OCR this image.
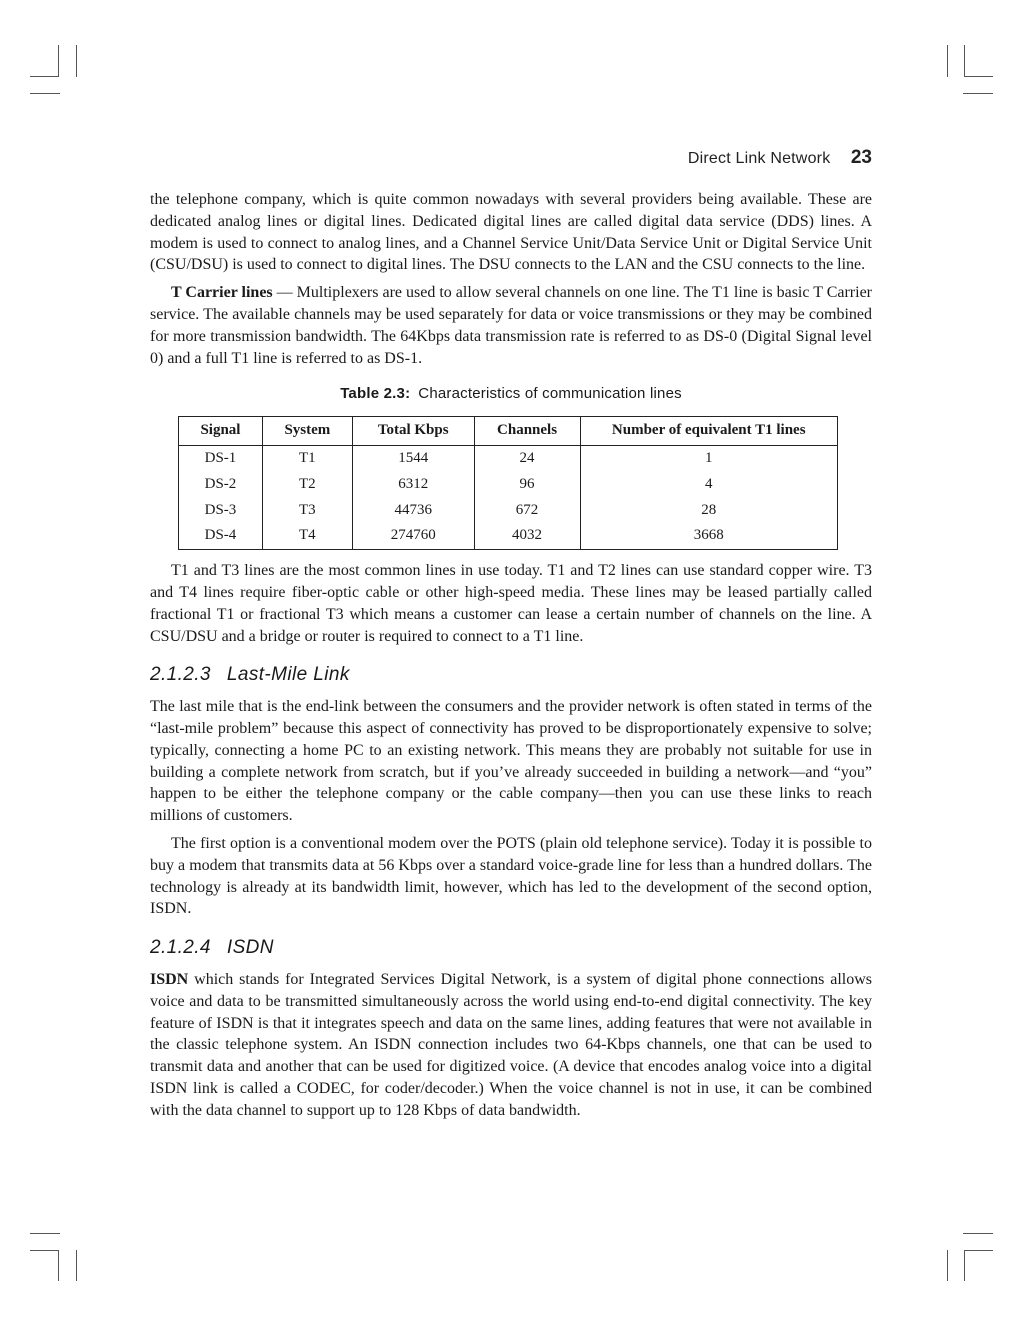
Direct Link Network 23

the telephone company, which is quite common nowadays with several providers being available. These are dedicated analog lines or digital lines. Dedicated digital lines are called digital data service (DDS) lines. A modem is used to connect to analog lines, and a Channel Service Unit/Data Service Unit or Digital Service Unit (CSU/DSU) is used to connect to digital lines. The DSU connects to the LAN and the CSU connects to the line.

T Carrier lines — Multiplexers are used to allow several channels on one line. The T1 line is basic T Carrier service. The available channels may be used separately for data or voice transmissions or they may be combined for more transmission bandwidth. The 64Kbps data transmission rate is referred to as DS-0 (Digital Signal level 0) and a full T1 line is referred to as DS-1.

Table 2.3: Characteristics of communication lines
Signal	System	Total Kbps	Channels	Number of equivalent T1 lines
DS-1	T1	1544	24	1
DS-2	T2	6312	96	4
DS-3	T3	44736	672	28
DS-4	T4	274760	4032	3668

T1 and T3 lines are the most common lines in use today. T1 and T2 lines can use standard copper wire. T3 and T4 lines require fiber-optic cable or other high-speed media. These lines may be leased partially called fractional T1 or fractional T3 which means a customer can lease a certain number of channels on the line. A CSU/DSU and a bridge or router is required to connect to a T1 line.

2.1.2.3 Last-Mile Link

The last mile that is the end-link between the consumers and the provider network is often stated in terms of the “last-mile problem” because this aspect of connectivity has proved to be disproportionately expensive to solve; typically, connecting a home PC to an existing network. This means they are probably not suitable for use in building a complete network from scratch, but if you’ve already succeeded in building a network—and “you” happen to be either the telephone company or the cable company—then you can use these links to reach millions of customers.

The first option is a conventional modem over the POTS (plain old telephone service). Today it is possible to buy a modem that transmits data at 56 Kbps over a standard voice-grade line for less than a hundred dollars. The technology is already at its bandwidth limit, however, which has led to the development of the second option, ISDN.

2.1.2.4 ISDN

ISDN which stands for Integrated Services Digital Network, is a system of digital phone connections allows voice and data to be transmitted simultaneously across the world using end-to-end digital connectivity. The key feature of ISDN is that it integrates speech and data on the same lines, adding features that were not available in the classic telephone system. An ISDN connection includes two 64-Kbps channels, one that can be used to transmit data and another that can be used for digitized voice. (A device that encodes analog voice into a digital ISDN link is called a CODEC, for coder/decoder.) When the voice channel is not in use, it can be combined with the data channel to support up to 128 Kbps of data bandwidth.
